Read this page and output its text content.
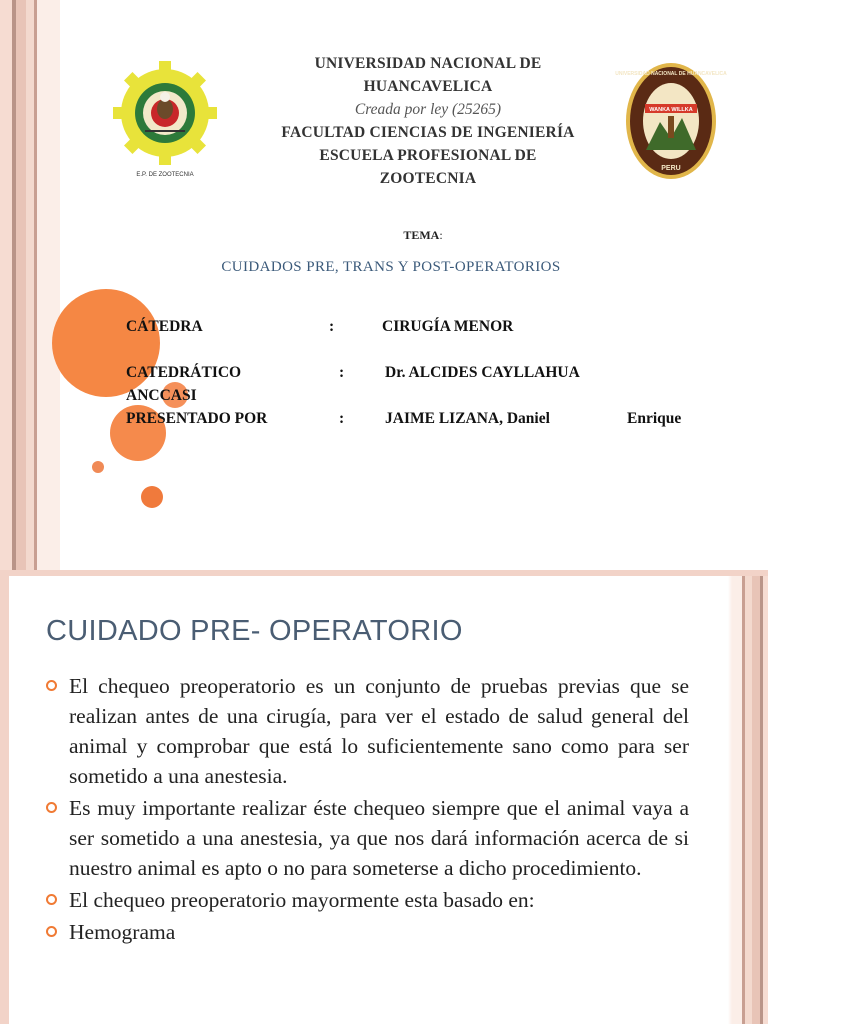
E.P. DE ZOOTECNIA
WANKA WILLKA
UNIVERSIDAD NACIONAL DE HUANCAVELICA
PERU
UNIVERSIDAD NACIONAL DE
HUANCAVELICA
Creada por ley (25265)
FACULTAD CIENCIAS DE INGENIERÍA
ESCUELA PROFESIONAL DE
ZOOTECNIA
TEMA:
CUIDADOS PRE, TRANS Y POST-OPERATORIOS
CÁTEDRA	:	CIRUGÍA MENOR
CATEDRÁTICO	:	Dr. ALCIDES CAYLLAHUA
ANCCASI
PRESENTADO POR	:	JAIME LIZANA, Daniel	Enrique
CUIDADO PRE- OPERATORIO
El chequeo preoperatorio es un conjunto de pruebas previas que se realizan antes de una cirugía, para ver el estado de salud general del animal y comprobar que está lo suficientemente sano como para ser sometido a una anestesia.
Es muy importante realizar éste chequeo siempre que el animal vaya a ser sometido a una anestesia, ya que nos dará información acerca de si nuestro animal es apto o no para someterse a dicho procedimiento.
El chequeo preoperatorio mayormente esta basado en:
Hemograma
